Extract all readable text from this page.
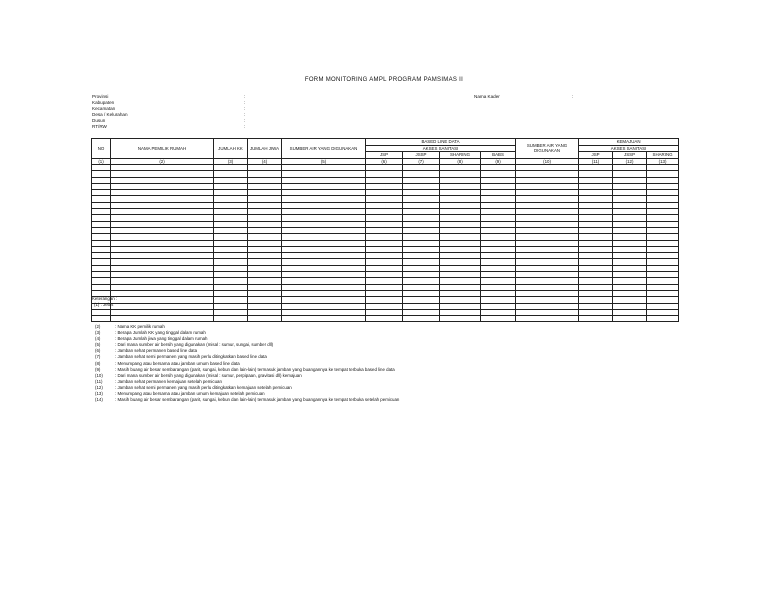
FORM MONITORING AMPL PROGRAM PAMSIMAS II
Provinsi	:
Kabupaten	:
Kecamatan	:
Desa / Kelurahan	:
Dusun	:
RT/RW	:
Nama Kader	:
NO	NAMA PEMILIK RUMAH	JUMLAH KK	JUMLAH JIWA	SUMBER AIR YANG DIGUNAKAN	BASED LINE DATA				SUMBER AIR YANG DIGUNAKAN	KEMAJUAN		
					AKSES SANITASI					AKSES SANITASI		
					JSP	JSSP	SHARING	BABS		JSP	JSSP	SHARING
(1)	(2)	(3)	(4)	(5)	(6)	(7)	(8)	(9)	(10)	(11)	(12)	(13)

Keterangan :
(1) : Jelas
(2)	: Nama KK pemilik rumah
(3)	: Berapa Jumlah KK yang tinggal dalam rumah
(4)	: Berapa Jumlah jiwa yang tinggal dalam rumah
(5)	: Dari mana sumber air bersih yang digunakan (misal : sumur, sungai, sumber dll)
(6)	: Jamban sehat permanen based line data
(7)	: Jamban sehat semi permanen yang masih perlu ditingkatkan based line data
(8)	: Menumpang atau bersama atau jamban umum based line data
(9)	: Masih buang air besar sembarangan (parit, sungai, kebun dan lain-lain) termasuk jamban yang buangannya ke tempat terbuka based line data
(10)	: Dari mana sumber air bersih yang digunakan (misal : sumur, perpipaan, gravitasi dll) kemajuan
(11)	: Jamban sehat permanen kemajuan setelah pemicuan
(12)	: Jamban sehat semi permanen yang masih perlu ditingkatkan kemajuan setelah pemicuan
(13)	: Menumpang atau bersama atau jamban umum kemajuan setelah pemicuan
(14)	: Masih buang air besar sembarangan (parit, sungai, kebun dan lain-lain) termasuk jamban yang buangannya ke tempat terbuka setelah pemicuan
